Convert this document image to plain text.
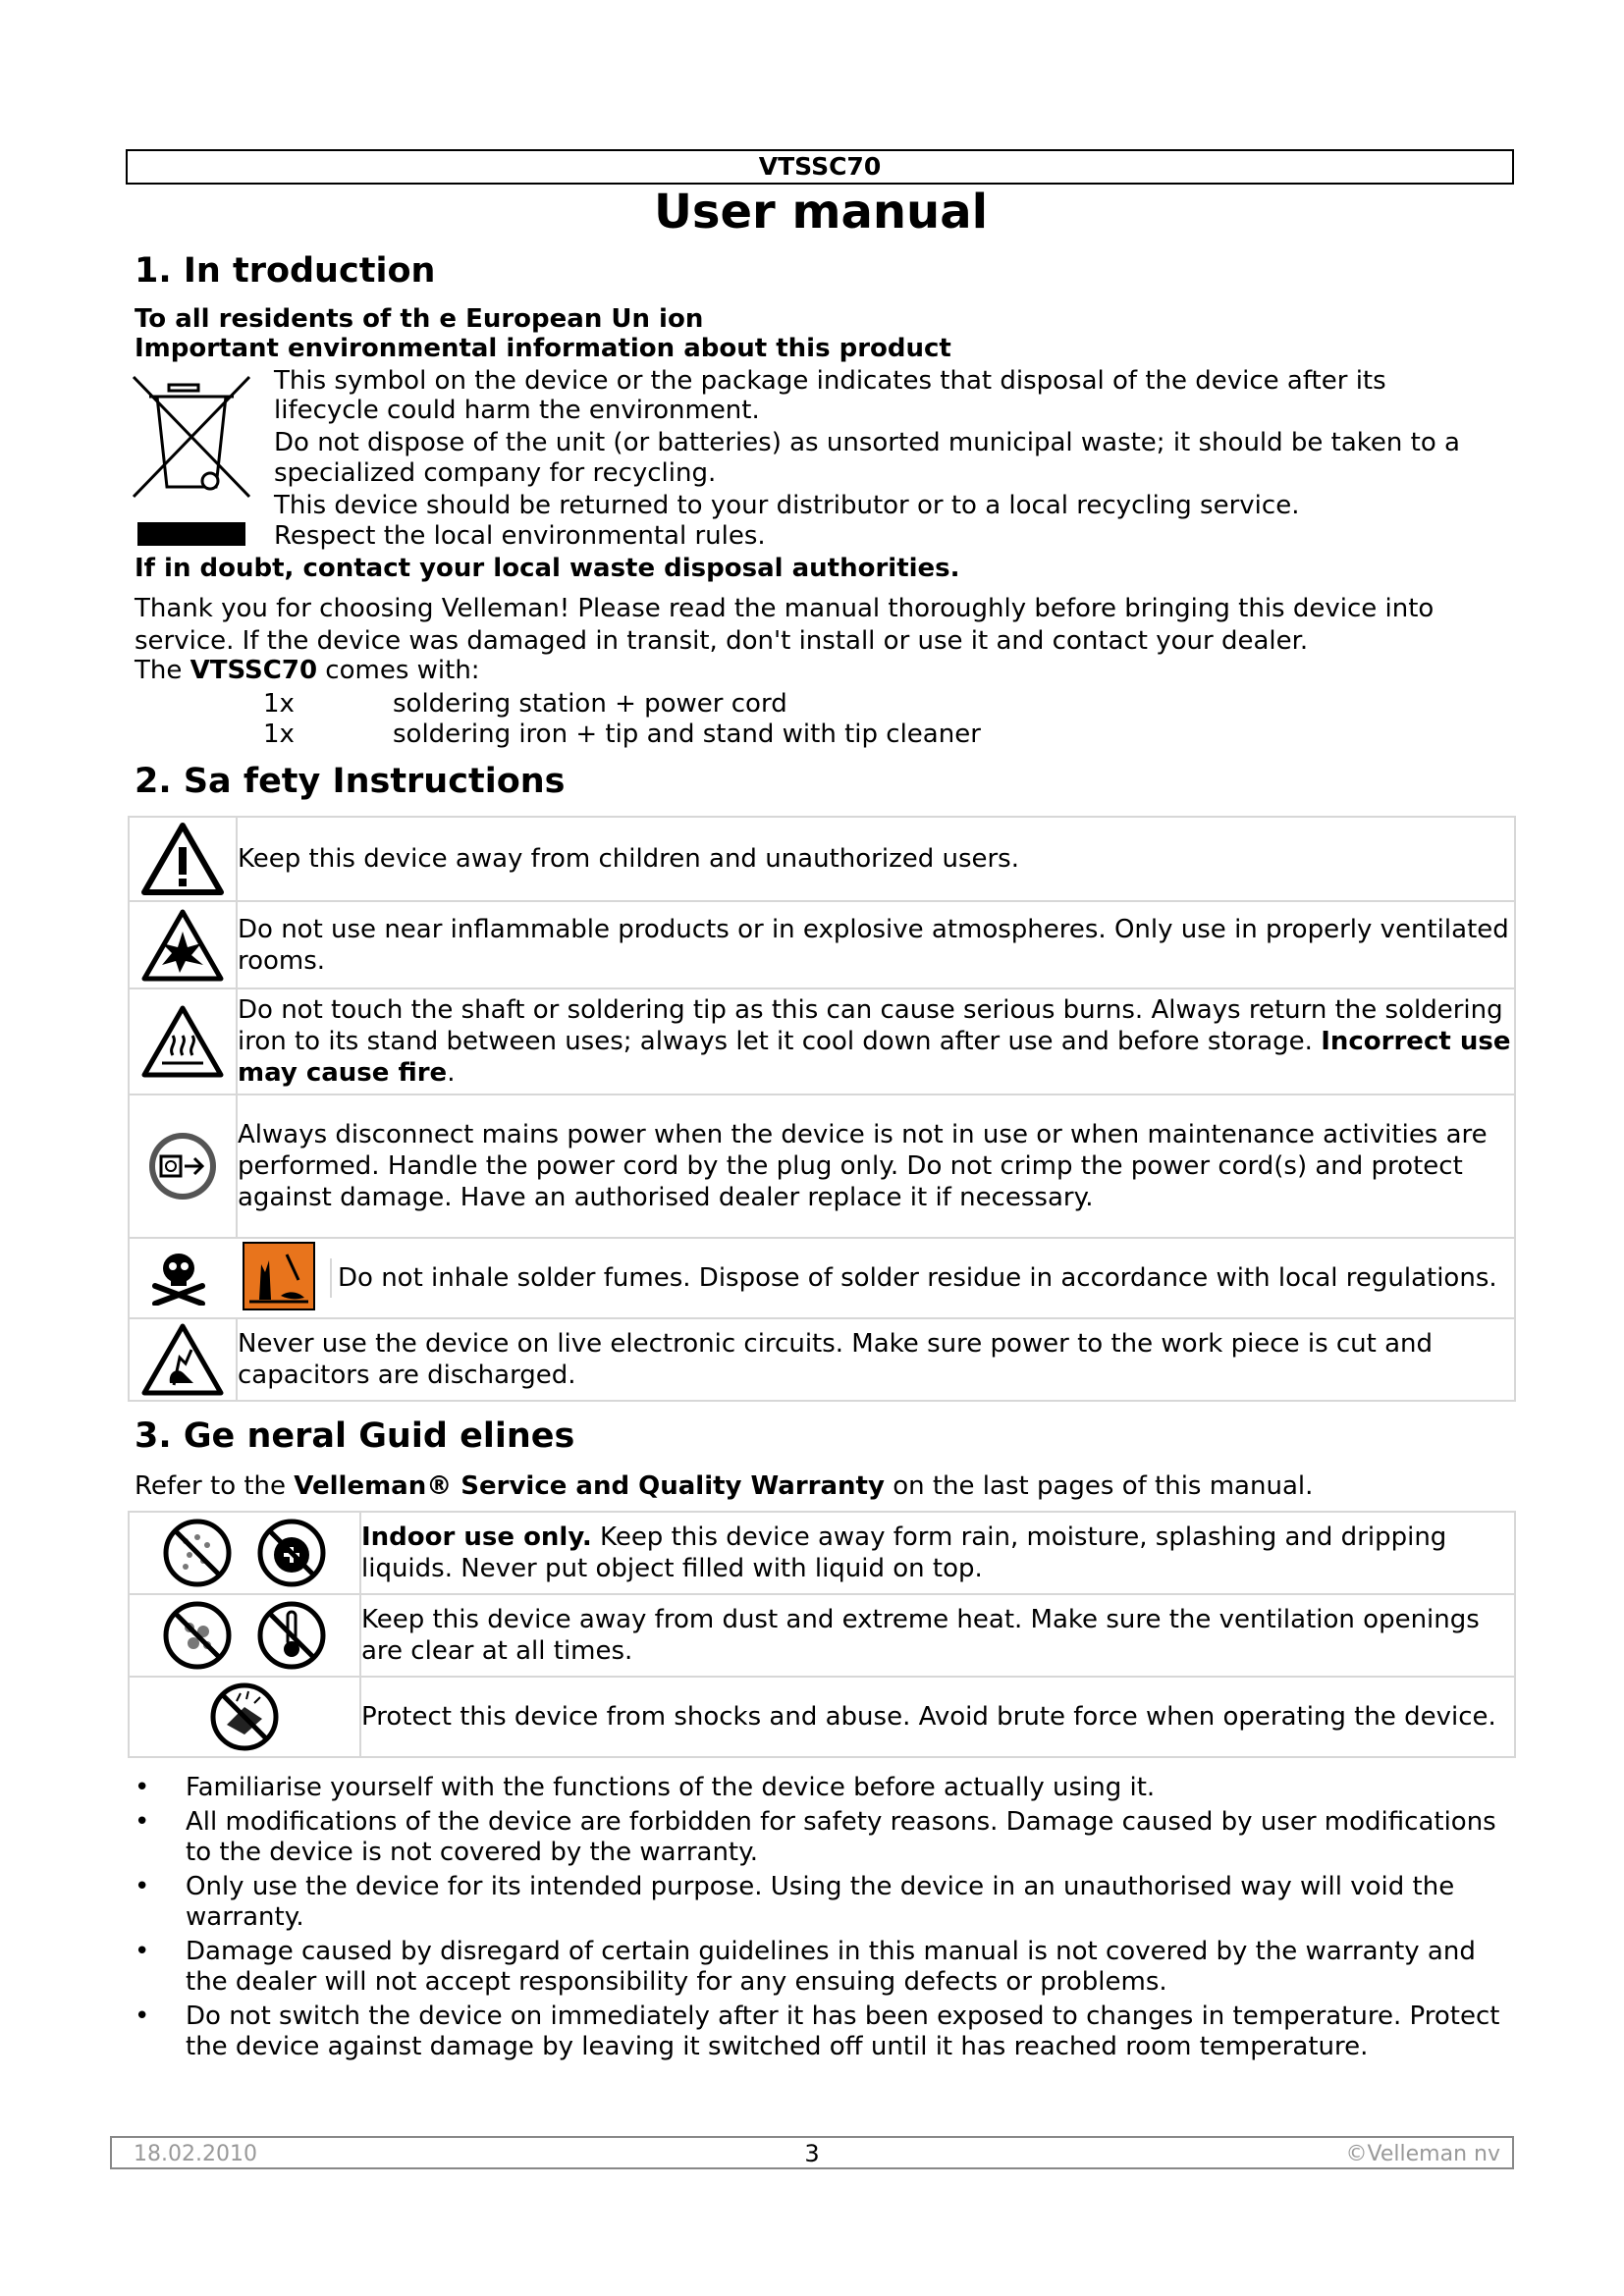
VTSSC70
User manual
1. In troduction

To all residents of th e European Un ion

Important environmental information about this product

This symbol on the device or the package indicates that disposal of the device after its

lifecycle could harm the environment.

Do not dispose of the unit (or batteries) as unsorted municipal waste; it should be taken to a

specialized company for recycling.

This device should be returned to your distributor or to a local recycling service.

Respect the local environmental rules.

If in doubt, contact your local waste disposal authorities.

Thank you for choosing Velleman! Please read the manual thoroughly before bringing this device into

service. If the device was damaged in transit, don't install or use it and contact your dealer.

The VTSSC70 comes with:

1x	soldering station + power cord
1x	soldering iron + tip and stand with tip cleaner
2. Sa fety Instructions
	Keep this device away from children and unauthorized users.
	Do not use near inflammable products or in explosive atmospheres. Only use in properly ventilated rooms.
	Do not touch the shaft or soldering tip as this can cause serious burns. Always return the soldering iron to its stand between uses; always let it cool down after use and before storage. Incorrect use may cause fire.
	Always disconnect mains power when the device is not in use or when maintenance activities are performed. Handle the power cord by the plug only. Do not crimp the power cord(s) and protect against damage. Have an authorised dealer replace it if necessary.

Do not inhale solder fumes. Dispose of solder residue in accordance with local regulations.	

	Never use the device on live electronic circuits. Make sure power to the work piece is cut and capacitors are discharged.
3. Ge neral Guid elines

Refer to the Velleman® Service and Quality Warranty on the last pages of this manual.

	Indoor use only. Keep this device away form rain, moisture, splashing and dripping liquids. Never put object filled with liquid on top.
	Keep this device away from dust and extreme heat. Make sure the ventilation openings are clear at all times.
	Protect this device from shocks and abuse. Avoid brute force when operating the device.
• Familiarise yourself with the functions of the device before actually using it.
• All modifications of the device are forbidden for safety reasons. Damage caused by user modifications to the device is not covered by the warranty.
• Only use the device for its intended purpose. Using the device in an unauthorised way will void the warranty.
• Damage caused by disregard of certain guidelines in this manual is not covered by the warranty and the dealer will not accept responsibility for any ensuing defects or problems.
• Do not switch the device on immediately after it has been exposed to changes in temperature. Protect the device against damage by leaving it switched off until it has reached room temperature.
18.02.2010	3	©Velleman nv
